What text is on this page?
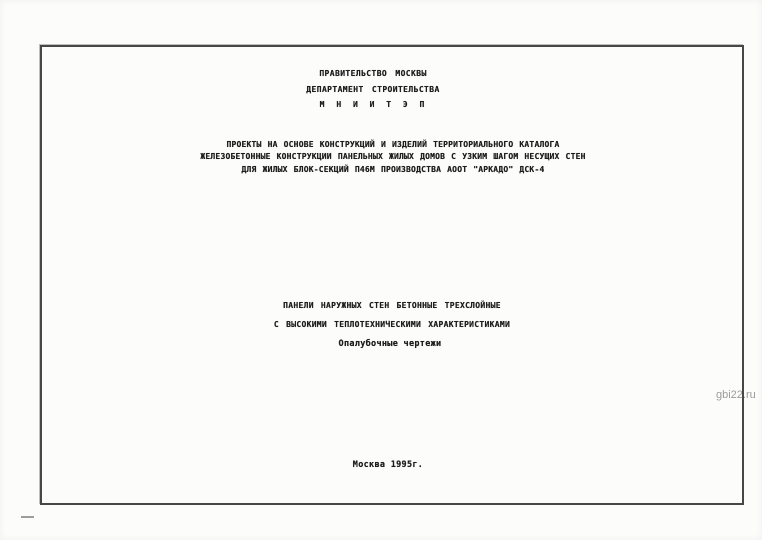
ПРАВИТЕЛЬСТВО МОСКВЫ
ДЕПАРТАМЕНТ СТРОИТЕЛЬСТВА
М Н И И Т Э П
ПРОЕКТЫ НА ОСНОВЕ КОНСТРУКЦИЙ И ИЗДЕЛИЙ ТЕРРИТОРИАЛЬНОГО КАТАЛОГА
ЖЕЛЕЗОБЕТОННЫЕ КОНСТРУКЦИИ ПАНЕЛЬНЫХ ЖИЛЫХ ДОМОВ С УЗКИМ ШАГОМ НЕСУЩИХ СТЕН
ДЛЯ ЖИЛЫХ БЛОК-СЕКЦИЙ П46М ПРОИЗВОДСТВА АООТ "АРКАДО" ДСК-4
ПАНЕЛИ НАРУЖНЫХ СТЕН БЕТОННЫЕ ТРЕХСЛОЙНЫЕ
С ВЫСОКИМИ ТЕПЛОТЕХНИЧЕСКИМИ ХАРАКТЕРИСТИКАМИ
Опалубочные чертежи
Москва 1995г.
gbi22.ru
